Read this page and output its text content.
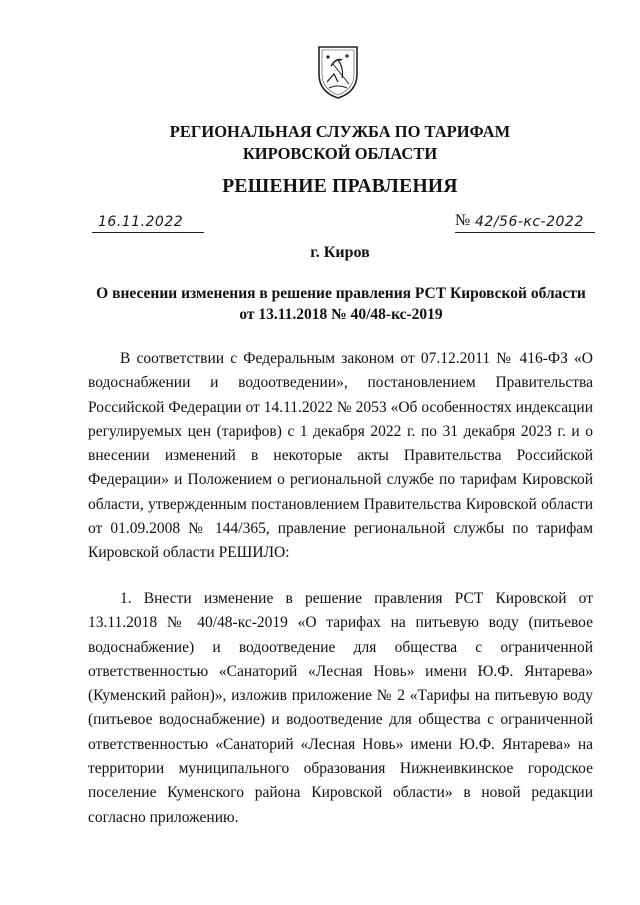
РЕГИОНАЛЬНАЯ СЛУЖБА ПО ТАРИФАМ
КИРОВСКОЙ ОБЛАСТИ
РЕШЕНИЕ ПРАВЛЕНИЯ
16.11.2022	№ 42/56-кс-2022
г. Киров
О внесении изменения в решение правления РСТ Кировской области от 13.11.2018 № 40/48-кс-2019

В соответствии с Федеральным законом от 07.12.2011 № 416-ФЗ «О водоснабжении и водоотведении», постановлением Правительства Российской Федерации от 14.11.2022 № 2053 «Об особенностях индексации регулируемых цен (тарифов) с 1 декабря 2022 г. по 31 декабря 2023 г. и о внесении изменений в некоторые акты Правительства Российской Федерации» и Положением о региональной службе по тарифам Кировской области, утвержденным постановлением Правительства Кировской области от 01.09.2008 № 144/365, правление региональной службы по тарифам Кировской области РЕШИЛО:

1. Внести изменение в решение правления РСТ Кировской от 13.11.2018 № 40/48-кс-2019 «О тарифах на питьевую воду (питьевое водоснабжение) и водоотведение для общества с ограниченной ответственностью «Санаторий «Лесная Новь» имени Ю.Ф. Янтарева» (Куменский район)», изложив приложение № 2 «Тарифы на питьевую воду (питьевое водоснабжение) и водоотведение для общества с ограниченной ответственностью «Санаторий «Лесная Новь» имени Ю.Ф. Янтарева» на территории муниципального образования Нижнеивкинское городское поселение Куменского района Кировской области» в новой редакции согласно приложению.
